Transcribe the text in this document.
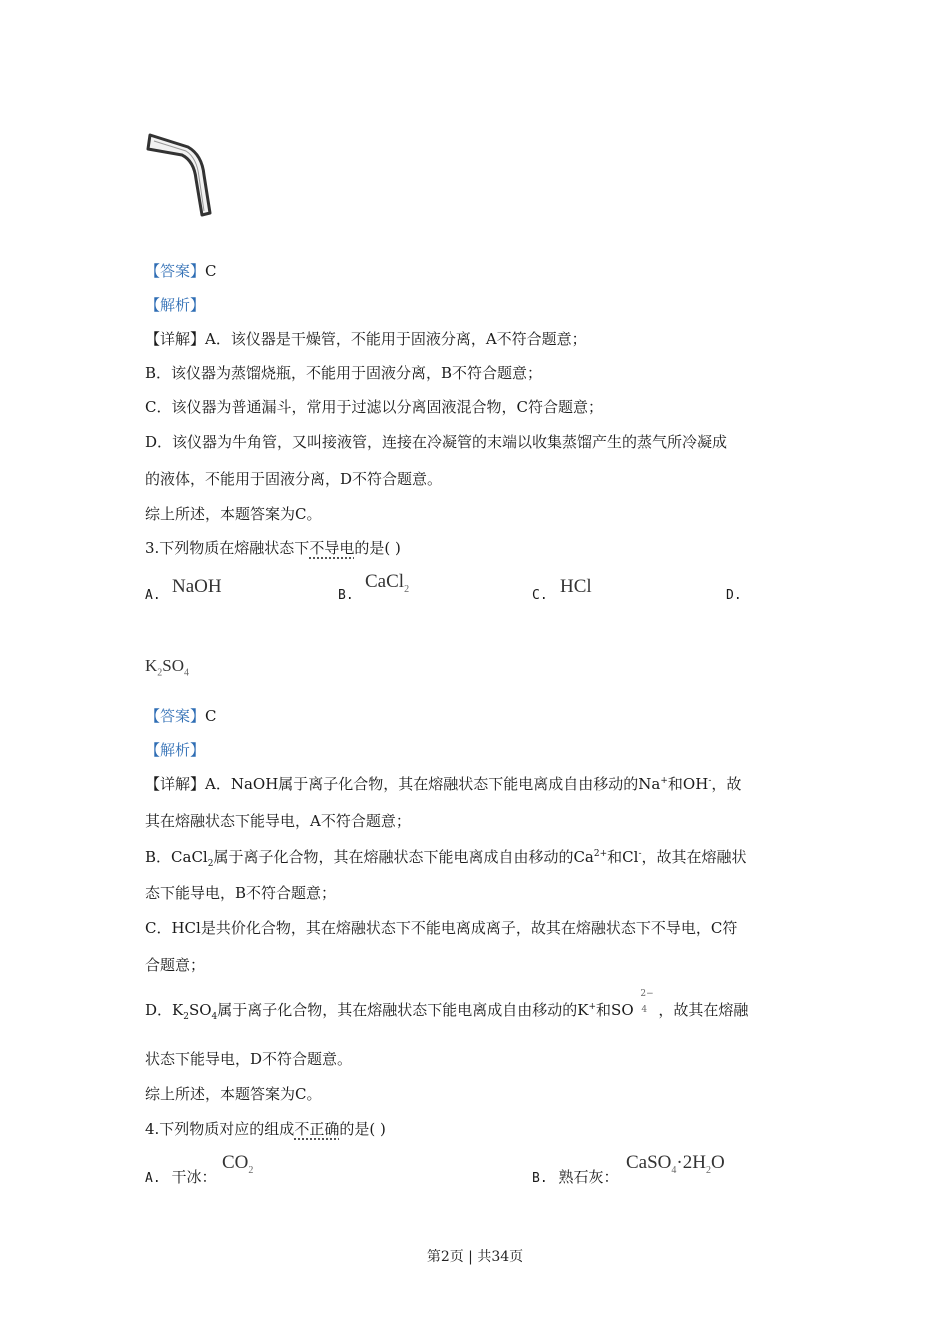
【答案】C
【解析】
【详解】A．该仪器是干燥管，不能用于固液分离，A不符合题意；
B．该仪器为蒸馏烧瓶，不能用于固液分离，B不符合题意；
C．该仪器为普通漏斗，常用于过滤以分离固液混合物，C符合题意；
D．该仪器为牛角管，又叫接液管，连接在冷凝管的末端以收集蒸馏产生的蒸气所冷凝成
的液体，不能用于固液分离，D不符合题意。
综上所述，本题答案为C。
3.下列物质在熔融状态下不导电的是( )
A. NaOH	B.
CaCl$_2$	C. HCl	D.
$K_2SO_4$
【答案】C
【解析】
【详解】A．NaOH属于离子化合物，其在熔融状态下能电离成自由移动的Na+和OH-，故
其在熔融状态下能导电，A不符合题意；
B．CaCl$_2$属于离子化合物，其在熔融状态下能电离成自由移动的$Ca^{2+}$和Cl-，故其在熔融状
态下能导电，B不符合题意；
C．HCl是共价化合物，其在熔融状态下不能电离成离子，故其在熔融状态下不导电，C符
合题意；
D．$K_2SO_4$属于离子化合物，其在熔融状态下能电离成自由移动的K+和SO
2−
4 ，故其在熔融
状态下能导电，D不符合题意。
综上所述，本题答案为C。
4.下列物质对应的组成不正确的是( )
A. 干冰：
$CO_2$
B. 熟石灰：
$CaSO_4\cdot 2H_2O$
第2页 | 共34页
